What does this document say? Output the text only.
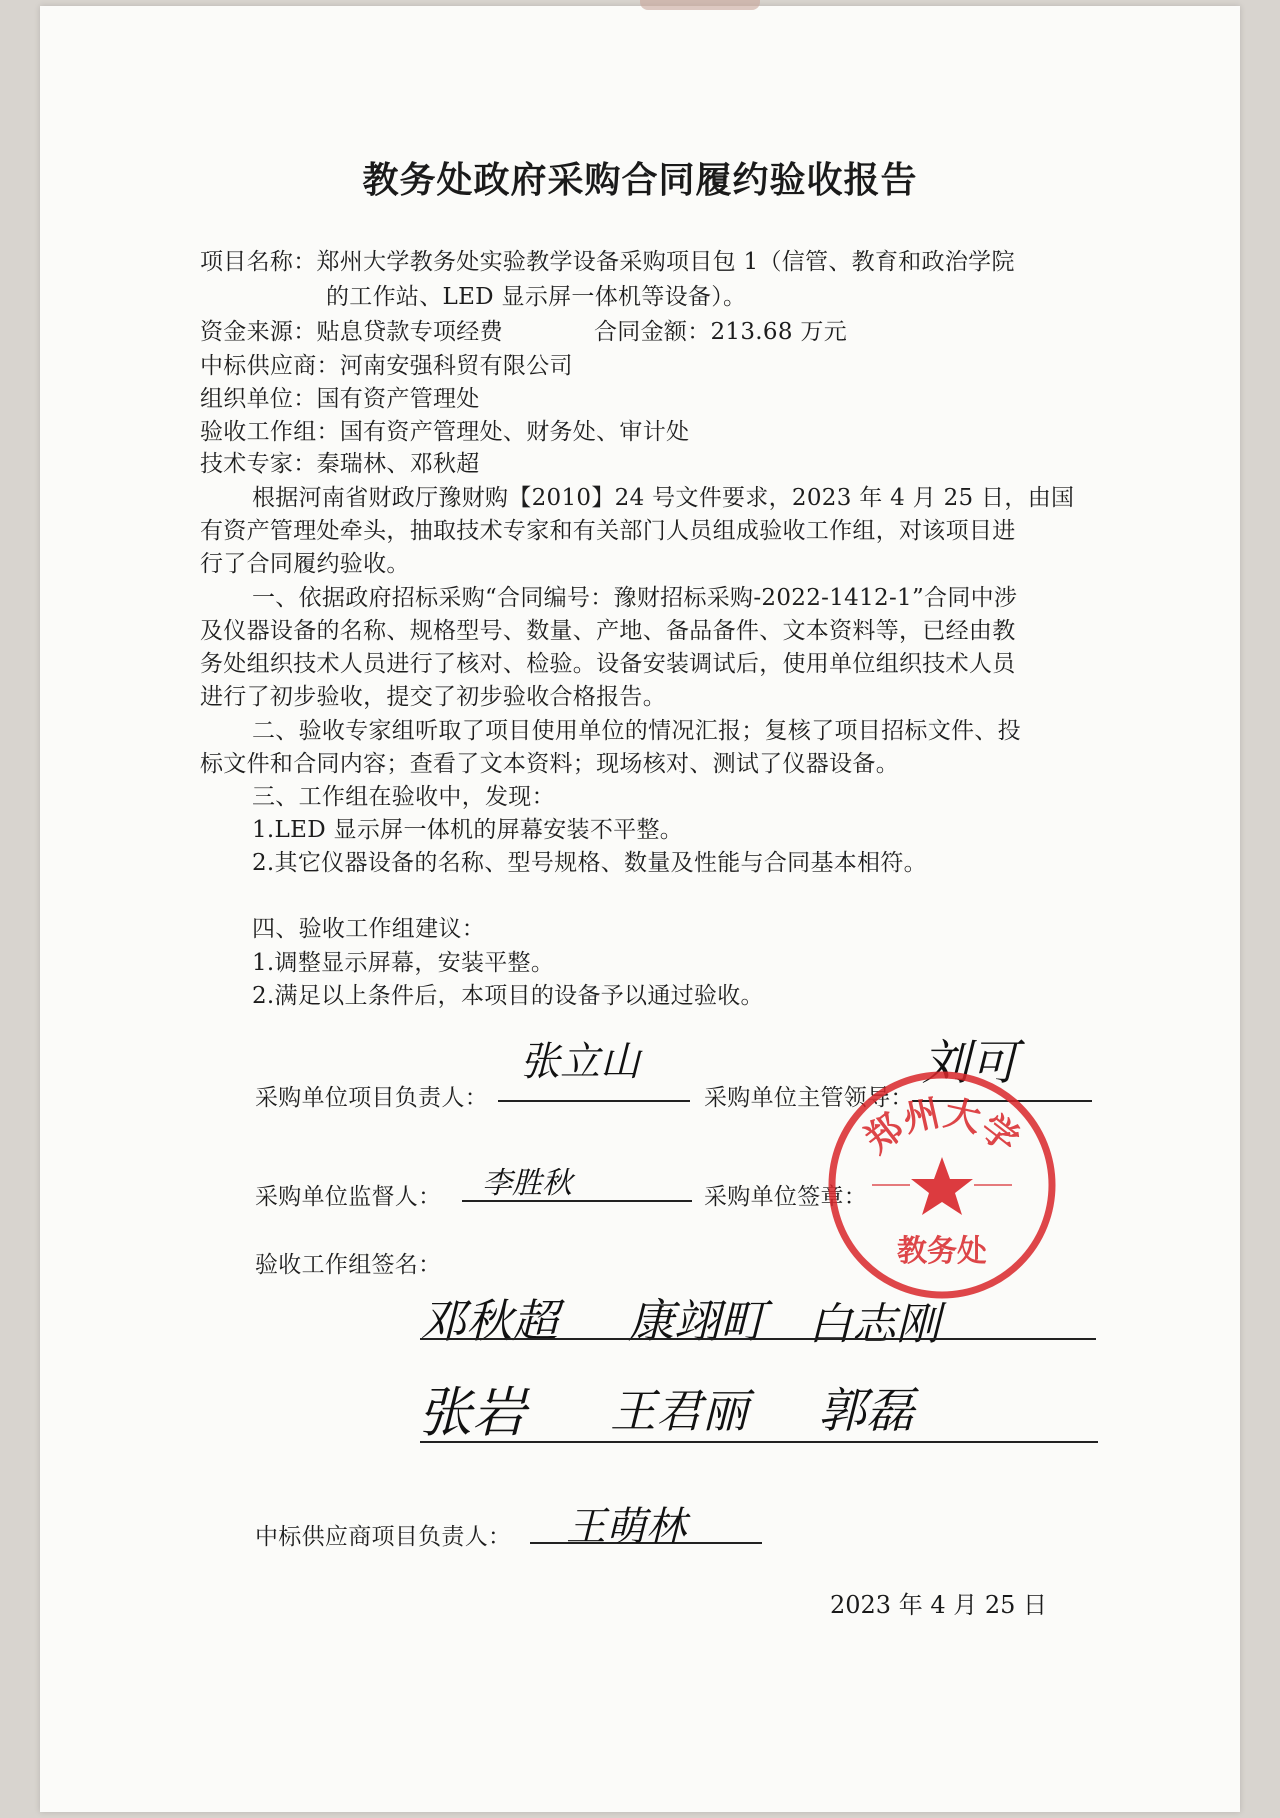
教务处政府采购合同履约验收报告
项目名称：郑州大学教务处实验教学设备采购项目包 1（信管、教育和政治学院
的工作站、LED 显示屏一体机等设备）。
资金来源：贴息贷款专项经费	合同金额：213.68 万元
中标供应商：河南安强科贸有限公司
组织单位：国有资产管理处
验收工作组：国有资产管理处、财务处、审计处
技术专家：秦瑞林、邓秋超
根据河南省财政厅豫财购【2010】24 号文件要求，2023 年 4 月 25 日，由国
有资产管理处牵头，抽取技术专家和有关部门人员组成验收工作组，对该项目进
行了合同履约验收。
一、依据政府招标采购“合同编号：豫财招标采购-2022-1412-1”合同中涉
及仪器设备的名称、规格型号、数量、产地、备品备件、文本资料等，已经由教
务处组织技术人员进行了核对、检验。设备安装调试后，使用单位组织技术人员
进行了初步验收，提交了初步验收合格报告。
二、验收专家组听取了项目使用单位的情况汇报；复核了项目招标文件、投
标文件和合同内容；查看了文本资料；现场核对、测试了仪器设备。
三、工作组在验收中，发现：
1.LED 显示屏一体机的屏幕安装不平整。
2.其它仪器设备的名称、型号规格、数量及性能与合同基本相符。
四、验收工作组建议：
1.调整显示屏幕，安装平整。
2.满足以上条件后，本项目的设备予以通过验收。
采购单位项目负责人：
张立山
采购单位主管领导：
刘可
采购单位监督人： 李胜秋	采购单位签章：
郑州大学
教务处
验收工作组签名：
邓秋超 康翊町 白志刚
张岩 王君丽 郭磊
中标供应商项目负责人： 王萌林
2023 年 4 月 25 日
